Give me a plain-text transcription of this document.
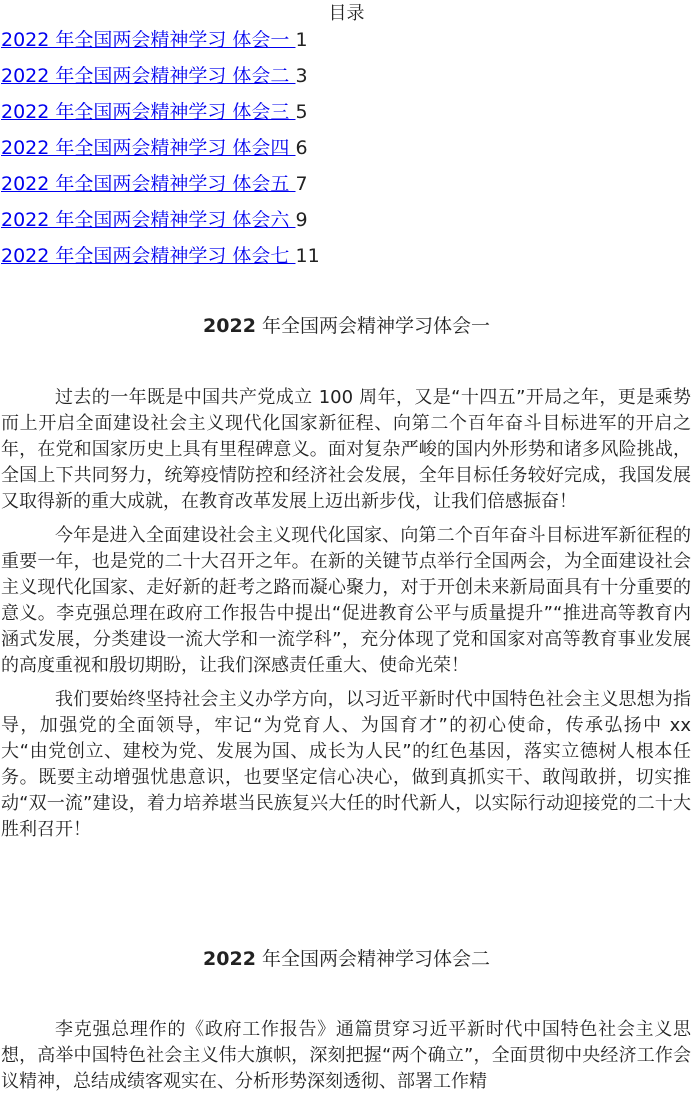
目录
2022 年全国两会精神学习 体会一 1
2022 年全国两会精神学习 体会二 3
2022 年全国两会精神学习 体会三 5
2022 年全国两会精神学习 体会四 6
2022 年全国两会精神学习 体会五 7
2022 年全国两会精神学习 体会六 9
2022 年全国两会精神学习 体会七 11
2022 年全国两会精神学习体会一

过去的一年既是中国共产党成立 100 周年，又是“十四五”开局之年，更是乘势而上开启全面建设社会主义现代化国家新征程、向第二个百年奋斗目标进军的开启之年，在党和国家历史上具有里程碑意义。面对复杂严峻的国内外形势和诸多风险挑战，全国上下共同努力，统筹疫情防控和经济社会发展，全年目标任务较好完成，我国发展又取得新的重大成就，在教育改革发展上迈出新步伐，让我们倍感振奋！

今年是进入全面建设社会主义现代化国家、向第二个百年奋斗目标进军新征程的重要一年，也是党的二十大召开之年。在新的关键节点举行全国两会，为全面建设社会主义现代化国家、走好新的赶考之路而凝心聚力，对于开创未来新局面具有十分重要的意义。李克强总理在政府工作报告中提出“促进教育公平与质量提升”“推进高等教育内涵式发展，分类建设一流大学和一流学科”，充分体现了党和国家对高等教育事业发展的高度重视和殷切期盼，让我们深感责任重大、使命光荣！

我们要始终坚持社会主义办学方向，以习近平新时代中国特色社会主义思想为指导，加强党的全面领导，牢记“为党育人、为国育才”的初心使命，传承弘扬中 xx 大“由党创立、建校为党、发展为国、成长为人民”的红色基因，落实立德树人根本任务。既要主动增强忧患意识，也要坚定信心决心，做到真抓实干、敢闯敢拼，切实推动“双一流”建设，着力培养堪当民族复兴大任的时代新人，以实际行动迎接党的二十大胜利召开！

2022 年全国两会精神学习体会二

李克强总理作的《政府工作报告》通篇贯穿习近平新时代中国特色社会主义思想，高举中国特色社会主义伟大旗帜，深刻把握“两个确立”，全面贯彻中央经济工作会议精神，总结成绩客观实在、分析形势深刻透彻、部署工作精
